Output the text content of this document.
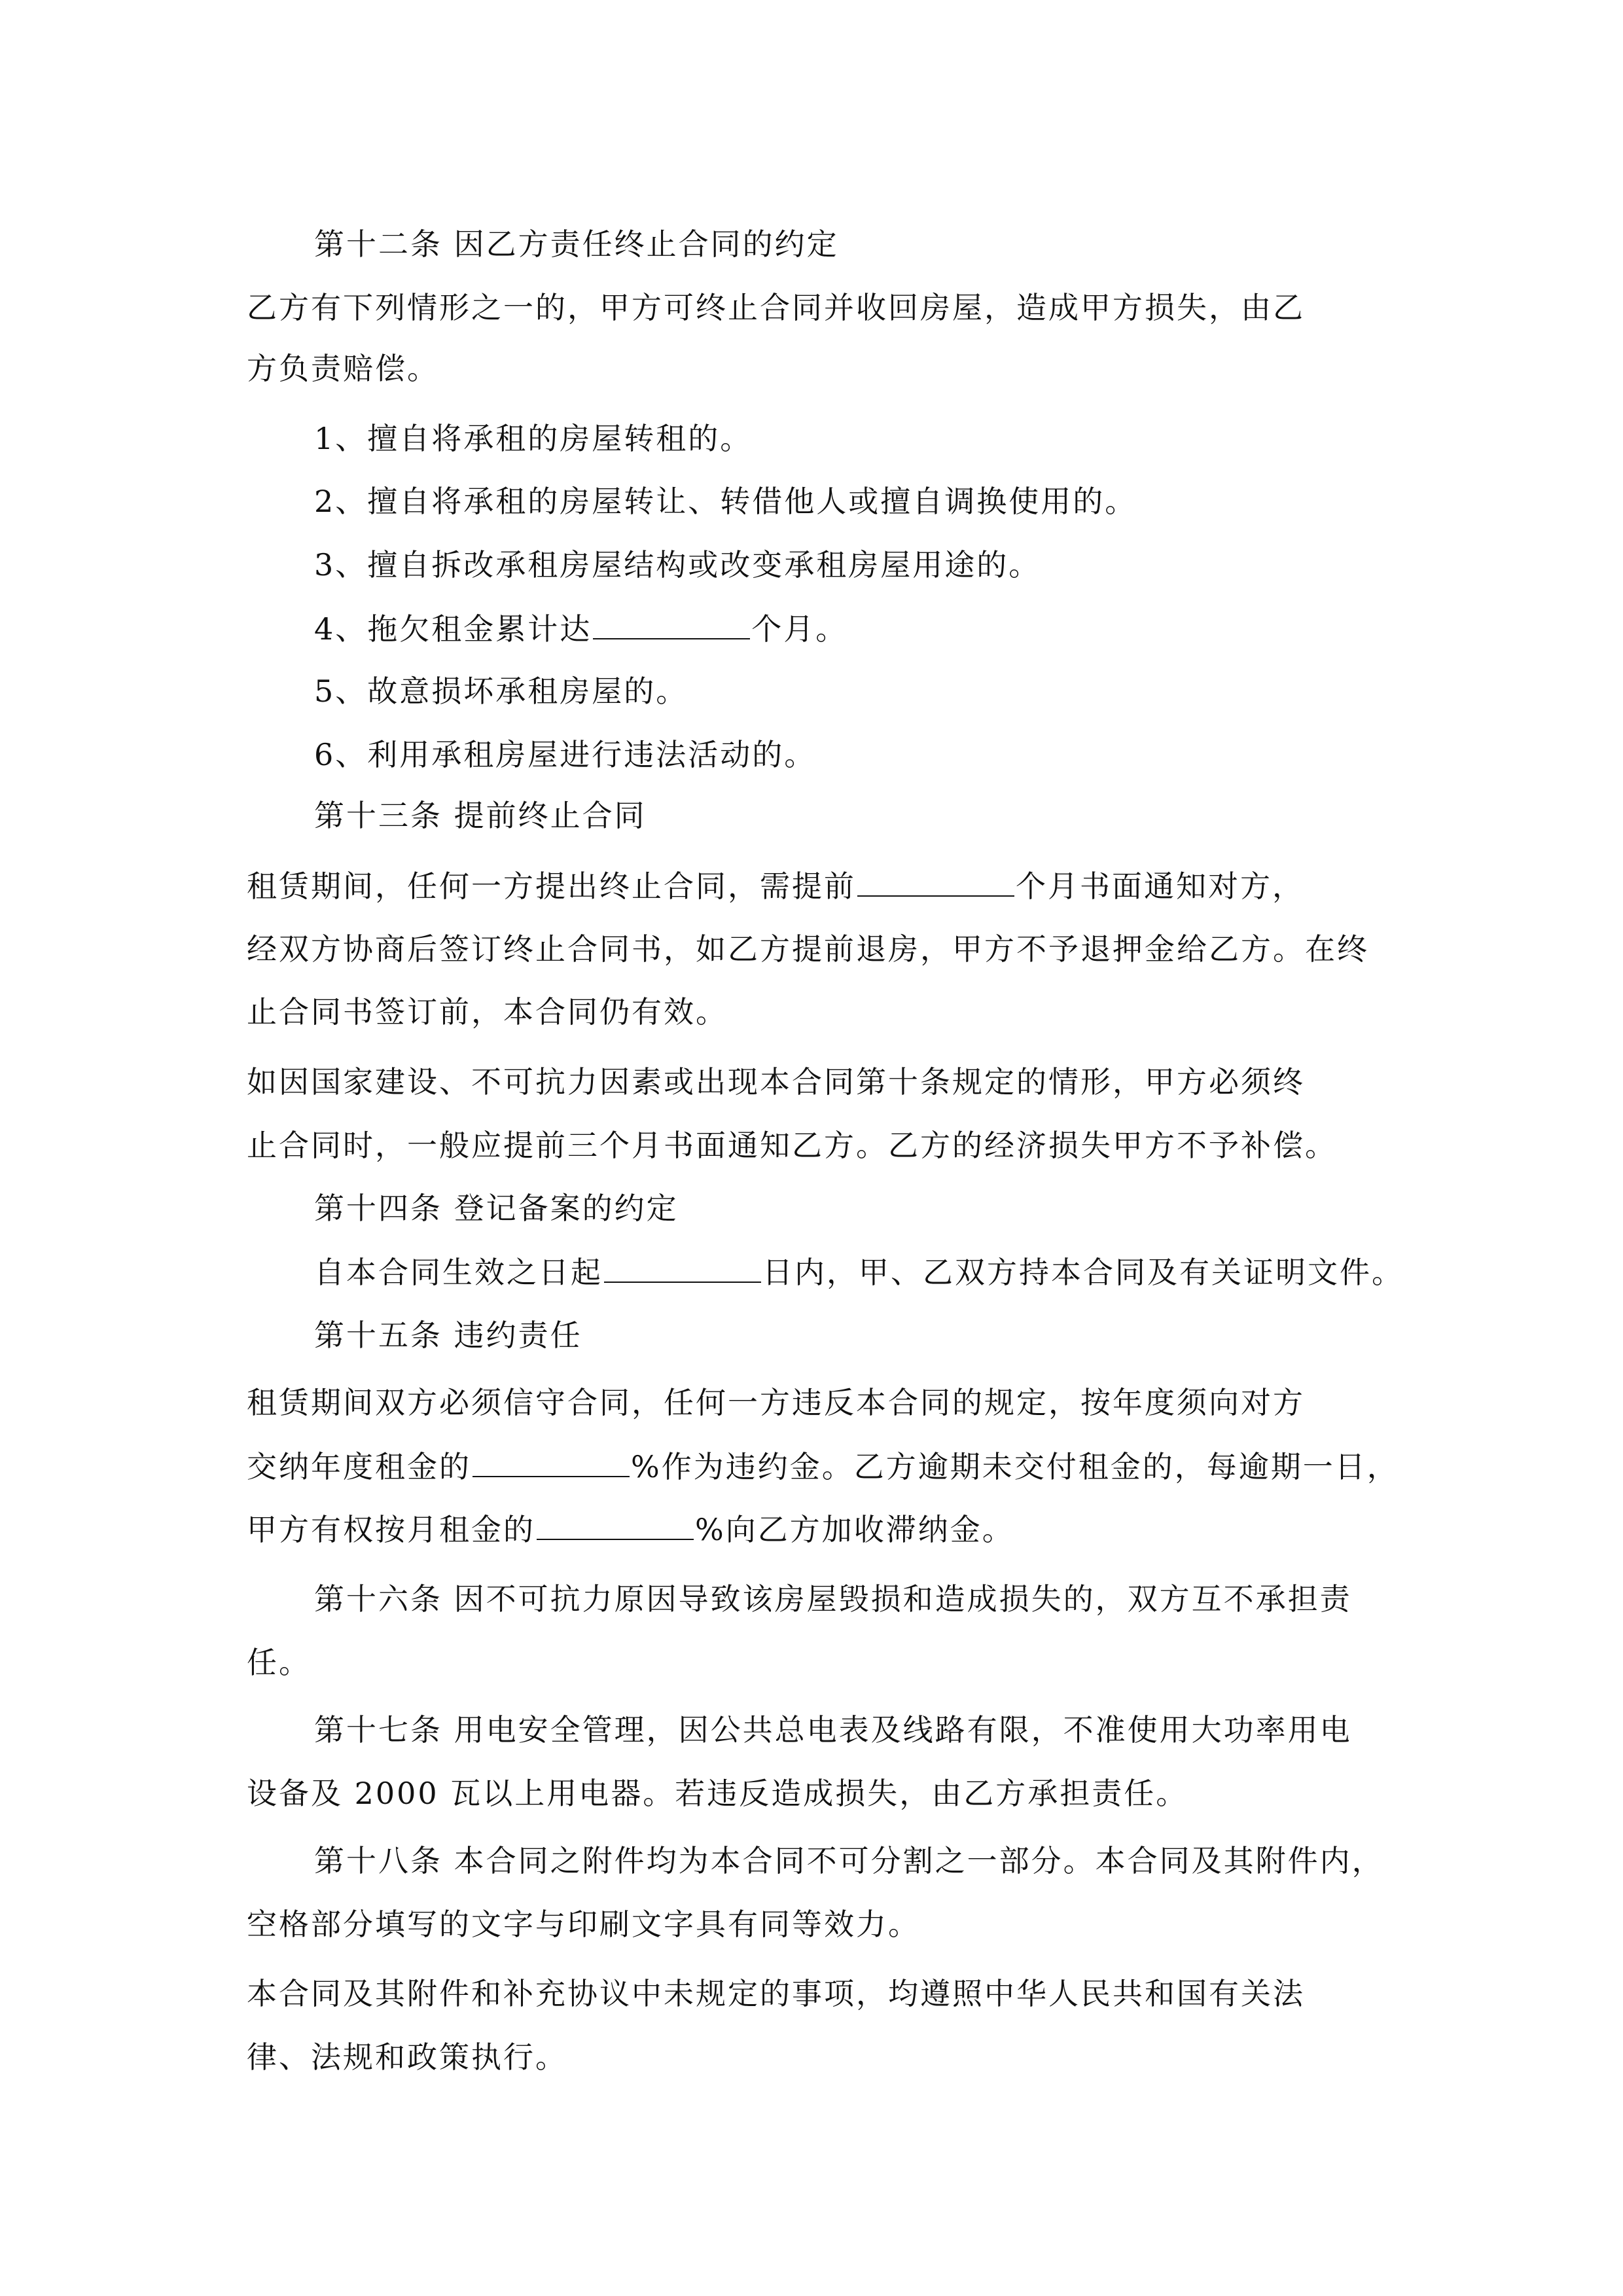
第十二条 因乙方责任终止合同的约定
乙方有下列情形之一的，甲方可终止合同并收回房屋，造成甲方损失，由乙
方负责赔偿。
1、擅自将承租的房屋转租的。
2、擅自将承租的房屋转让、转借他人或擅自调换使用的。
3、擅自拆改承租房屋结构或改变承租房屋用途的。
4、拖欠租金累计达	个月。
5、故意损坏承租房屋的。
6、利用承租房屋进行违法活动的。
第十三条 提前终止合同
租赁期间，任何一方提出终止合同，需提前	个月书面通知对方，
经双方协商后签订终止合同书，如乙方提前退房，甲方不予退押金给乙方。在终
止合同书签订前，本合同仍有效。
如因国家建设、不可抗力因素或出现本合同第十条规定的情形，甲方必须终
止合同时，一般应提前三个月书面通知乙方。乙方的经济损失甲方不予补偿。
第十四条 登记备案的约定
自本合同生效之日起	日内，甲、乙双方持本合同及有关证明文件。
第十五条 违约责任
租赁期间双方必须信守合同，任何一方违反本合同的规定，按年度须向对方
交纳年度租金的	%作为违约金。乙方逾期未交付租金的，每逾期一日，
甲方有权按月租金的	%向乙方加收滞纳金。
第十六条 因不可抗力原因导致该房屋毁损和造成损失的，双方互不承担责
任。
第十七条 用电安全管理，因公共总电表及线路有限，不准使用大功率用电
设备及 2000 瓦以上用电器。若违反造成损失，由乙方承担责任。
第十八条 本合同之附件均为本合同不可分割之一部分。本合同及其附件内，
空格部分填写的文字与印刷文字具有同等效力。
本合同及其附件和补充协议中未规定的事项，均遵照中华人民共和国有关法
律、法规和政策执行。
